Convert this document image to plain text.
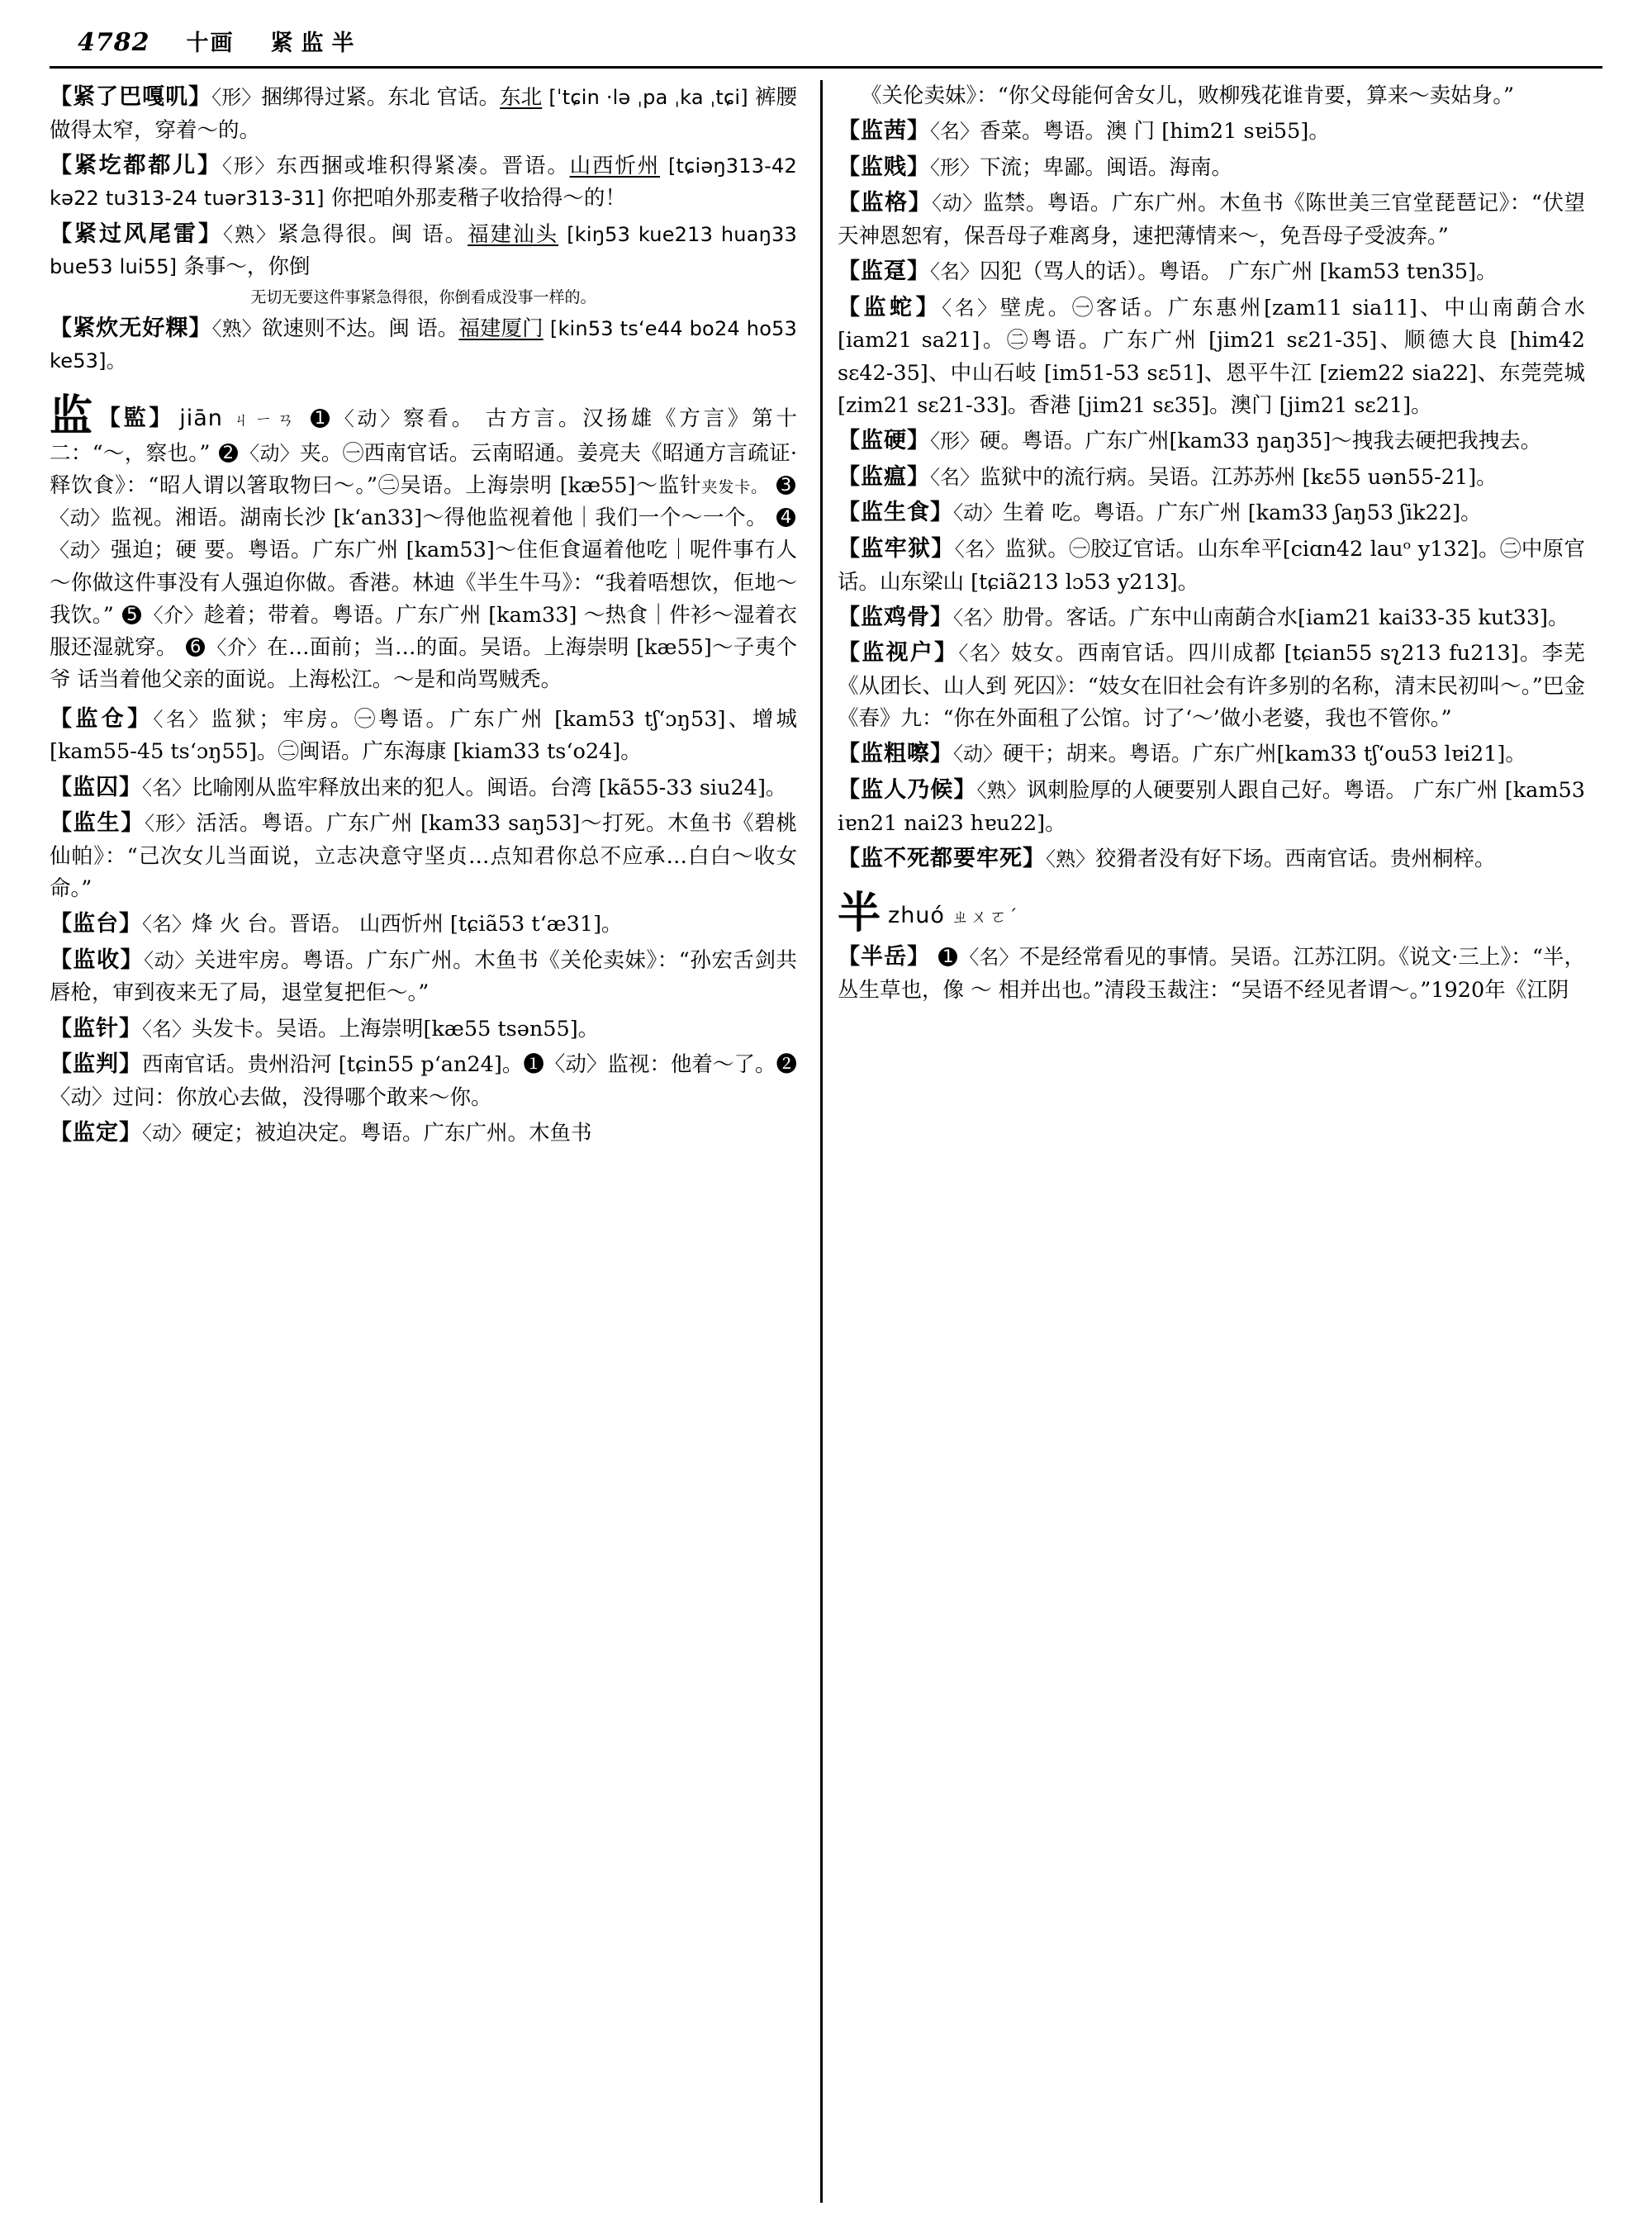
4782 十画 紧监半
【紧了巴嘎叽】〈形〉捆绑得过紧。东北 官话。东北 [ˈtɕin ·lə ˌpa ˌka ˌtɕi] 裤腰做得太窄，穿着～的。
【紧圪都都儿】〈形〉东西捆或堆积得紧凑。晋语。山西忻州 [tɕiəŋ313-42 kə22 tu313-24 tuər313-31] 你把咱外那麦稭子收拾得～的！
【紧过风尾雷】〈熟〉紧急得很。闽 语。福建汕头 [kiŋ53 kue213 huaŋ33 bue53 lui55] 条事～，你倒
无切无要这件事紧急得很，你倒看成没事一样的。
【紧炊无好粿】〈熟〉欲速则不达。闽 语。福建厦门 [kin53 tsʻe44 bo24 ho53 ke53]。
监 【監】 jiān ㄐㄧㄢ 1 〈动〉察看。 古方言。汉扬雄《方言》第十二：“～，察也。” 2 〈动〉夹。㊀西南官话。云南昭通。姜亮夫《昭通方言疏证·释饮食》：“昭人谓以箸取物曰～。”㊁吴语。上海崇明 [kæ55]～监针夹发卡。 3〈动〉监视。湘语。湖南长沙 [kʻan33]～得他监视着他｜我们一个～一个。 4〈动〉强迫；硬 要。粤语。广东广州 [kam53]～住佢食逼着他吃｜呢件事冇人～你做这件事没有人强迫你做。香港。林迪《半生牛马》：“我着唔想饮，佢地～我饮。” 5 〈介〉趁着；带着。粤语。广东广州 [kam33] ～热食｜件衫～湿着衣服还湿就穿。 6 〈介〉在…面前；当…的面。吴语。上海崇明 [kæ55]～子夷个爷 话当着他父亲的面说。上海松江。～是和尚骂贼秃。
【监仓】〈名〉监狱；牢房。㊀粤语。广东广州 [kam53 tʃʻɔŋ53]、增城 [kam55-45 tsʻɔŋ55]。㊁闽语。广东海康 [kiam33 tsʻo24]。
【监囚】〈名〉比喻刚从监牢释放出来的犯人。闽语。台湾 [kã55-33 siu24]。
【监生】〈形〉活活。粤语。广东广州 [kam33 saŋ53]～打死。木鱼书《碧桃仙帕》：“己次女儿当面说，立志决意守坚贞…点知君你总不应承…白白～收女命。”
【监台】〈名〉烽 火 台。晋语。 山西忻州 [tɕiã53 tʻæ31]。
【监收】〈动〉关进牢房。粤语。广东广州。木鱼书《关伦卖妹》：“孙宏舌剑共唇枪，审到夜来无了局，退堂复把佢～。”
【监针】〈名〉头发卡。吴语。上海崇明[kæ55 tsən55]。
【监判】西南官话。贵州沿河 [tɕin55 pʻan24]。❶〈动〉监视：他着～了。❷〈动〉过问：你放心去做，没得哪个敢来～你。
【监定】〈动〉硬定；被迫决定。粤语。广东广州。木鱼书
《关伦卖妹》：“你父母能何舍女儿，败柳残花谁肯要，算来～卖姑身。”
【监茜】〈名〉香菜。粤语。澳 门 [him21 sɐi55]。
【监贱】〈形〉下流；卑鄙。闽语。海南。
【监格】〈动〉监禁。粤语。广东广州。木鱼书《陈世美三官堂琵琶记》：“伏望天神恩恕宥，保吾母子难离身，速把薄情来～，免吾母子受波奔。”
【监趸】〈名〉囚犯（骂人的话）。粤语。 广东广州 [kam53 tɐn35]。
【监蛇】〈名〉壁虎。㊀客话。广东惠州[zam11 sia11]、中山南蓢合水 [iam21 sa21]。㊁粤语。广东广州 [jim21 sɛ21-35]、顺德大良 [him42 sɛ42-35]、中山石岐 [im51-53 sɛ51]、恩平牛江 [ziem22 sia22]、东莞莞城 [zim21 sɛ21-33]。香港 [jim21 sɛ35]。澳门 [jim21 sɛ21]。
【监硬】〈形〉硬。粤语。广东广州[kam33 ŋaŋ35]～拽我去硬把我拽去。
【监瘟】〈名〉监狱中的流行病。吴语。江苏苏州 [kɛ55 uən55-21]。
【监生食】〈动〉生着 吃。粤语。广东广州 [kam33 ʃaŋ53 ʃik22]。
【监牢狱】〈名〉监狱。㊀胶辽官话。山东牟平[ciɑn42 lauᵒ y132]。㊁中原官 话。山东梁山 [tɕiã213 lɔ53 y213]。
【监鸡骨】〈名〉肋骨。客话。广东中山南蓢合水[iam21 kai33-35 kut33]。
【监视户】〈名〉妓女。西南官话。四川成都 [tɕian55 sʅ213 fu213]。李芜《从团长、山人到 死囚》：“妓女在旧社会有许多别的名称，清末民初叫～。”巴金《春》九：“你在外面租了公馆。讨了‘～’做小老婆，我也不管你。”
【监粗嚓】〈动〉硬干；胡来。粤语。广东广州[kam33 tʃʻou53 lɐi21]。
【监人乃候】〈熟〉讽刺脸厚的人硬要别人跟自己好。粤语。 广东广州 [kam53 iɐn21 nai23 hɐu22]。
【监不死都要牢死】〈熟〉狡猾者没有好下场。西南官话。贵州桐梓。
半zhuó ㄓㄨㄛˊ
【半岳】 1 〈名〉不是经常看见的事情。吴语。江苏江阴。《说文·三上》：“半，丛生草也，像 ～ 相并出也。”清段玉裁注：“吴语不经见者谓～。”1920年《江阴
